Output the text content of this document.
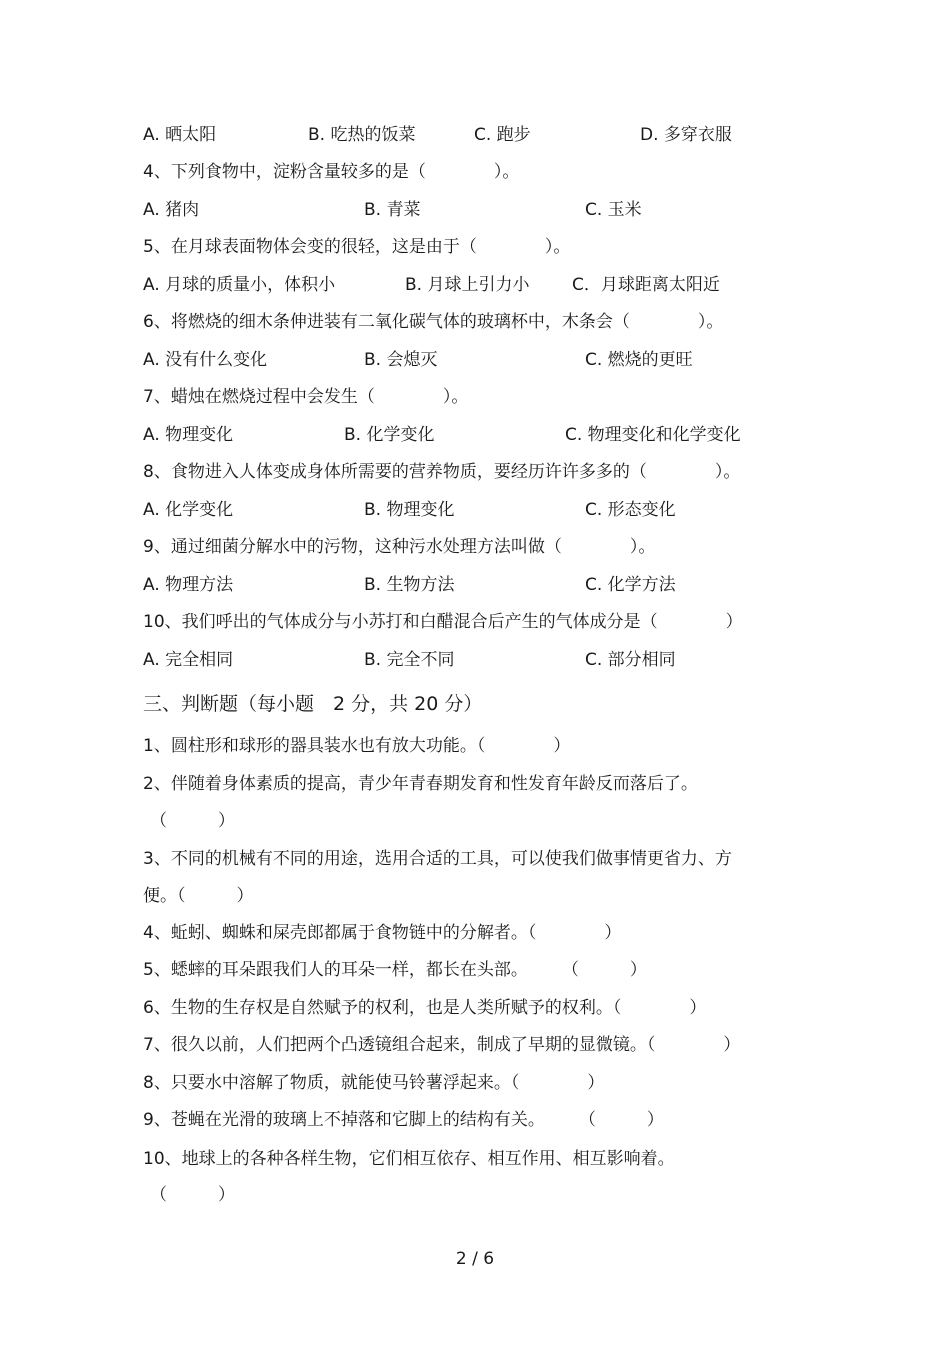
A. 晒太阳	B. 吃热的饭菜	C. 跑步	D. 多穿衣服
4、下列食物中，淀粉含量较多的是（　　　　）。
A. 猪肉	B. 青菜	C. 玉米
5、在月球表面物体会变的很轻，这是由于（　　　　）。
A. 月球的质量小，体积小	B. 月球上引力小	C．月球距离太阳近
6、将燃烧的细木条伸进装有二氧化碳气体的玻璃杯中，木条会（　　　　）。
A. 没有什么变化	B. 会熄灭	C. 燃烧的更旺
7、蜡烛在燃烧过程中会发生（　　　　）。
A. 物理变化	B. 化学变化	C. 物理变化和化学变化
8、食物进入人体变成身体所需要的营养物质，要经历许许多多的（　　　　）。
A. 化学变化	B. 物理变化	C. 形态变化
9、通过细菌分解水中的污物，这种污水处理方法叫做（　　　　）。
A. 物理方法	B. 生物方法	C. 化学方法
10、我们呼出的气体成分与小苏打和白醋混合后产生的气体成分是（　　　　）
A. 完全相同	B. 完全不同	C. 部分相同
三、判断题（每小题　2 分，共 20 分）
1、圆柱形和球形的器具装水也有放大功能。（　　　　）
2、伴随着身体素质的提高，青少年青春期发育和性发育年龄反而落后了。
（　　　）
3、不同的机械有不同的用途，选用合适的工具，可以使我们做事情更省力、方
便。（　　　）
4、蚯蚓、蜘蛛和屎壳郎都属于食物链中的分解者。（　　　　）
5、蟋蟀的耳朵跟我们人的耳朵一样，都长在头部。　　　（　　　）
6、生物的生存权是自然赋予的权利，也是人类所赋予的权利。（　　　　）
7、很久以前，人们把两个凸透镜组合起来，制成了早期的显微镜。（　　　　）
8、只要水中溶解了物质，就能使马铃薯浮起来。（　　　　）
9、苍蝇在光滑的玻璃上不掉落和它脚上的结构有关。　　　（　　　）
10、地球上的各种各样生物，它们相互依存、相互作用、相互影响着。
（　　　）
2 / 6
